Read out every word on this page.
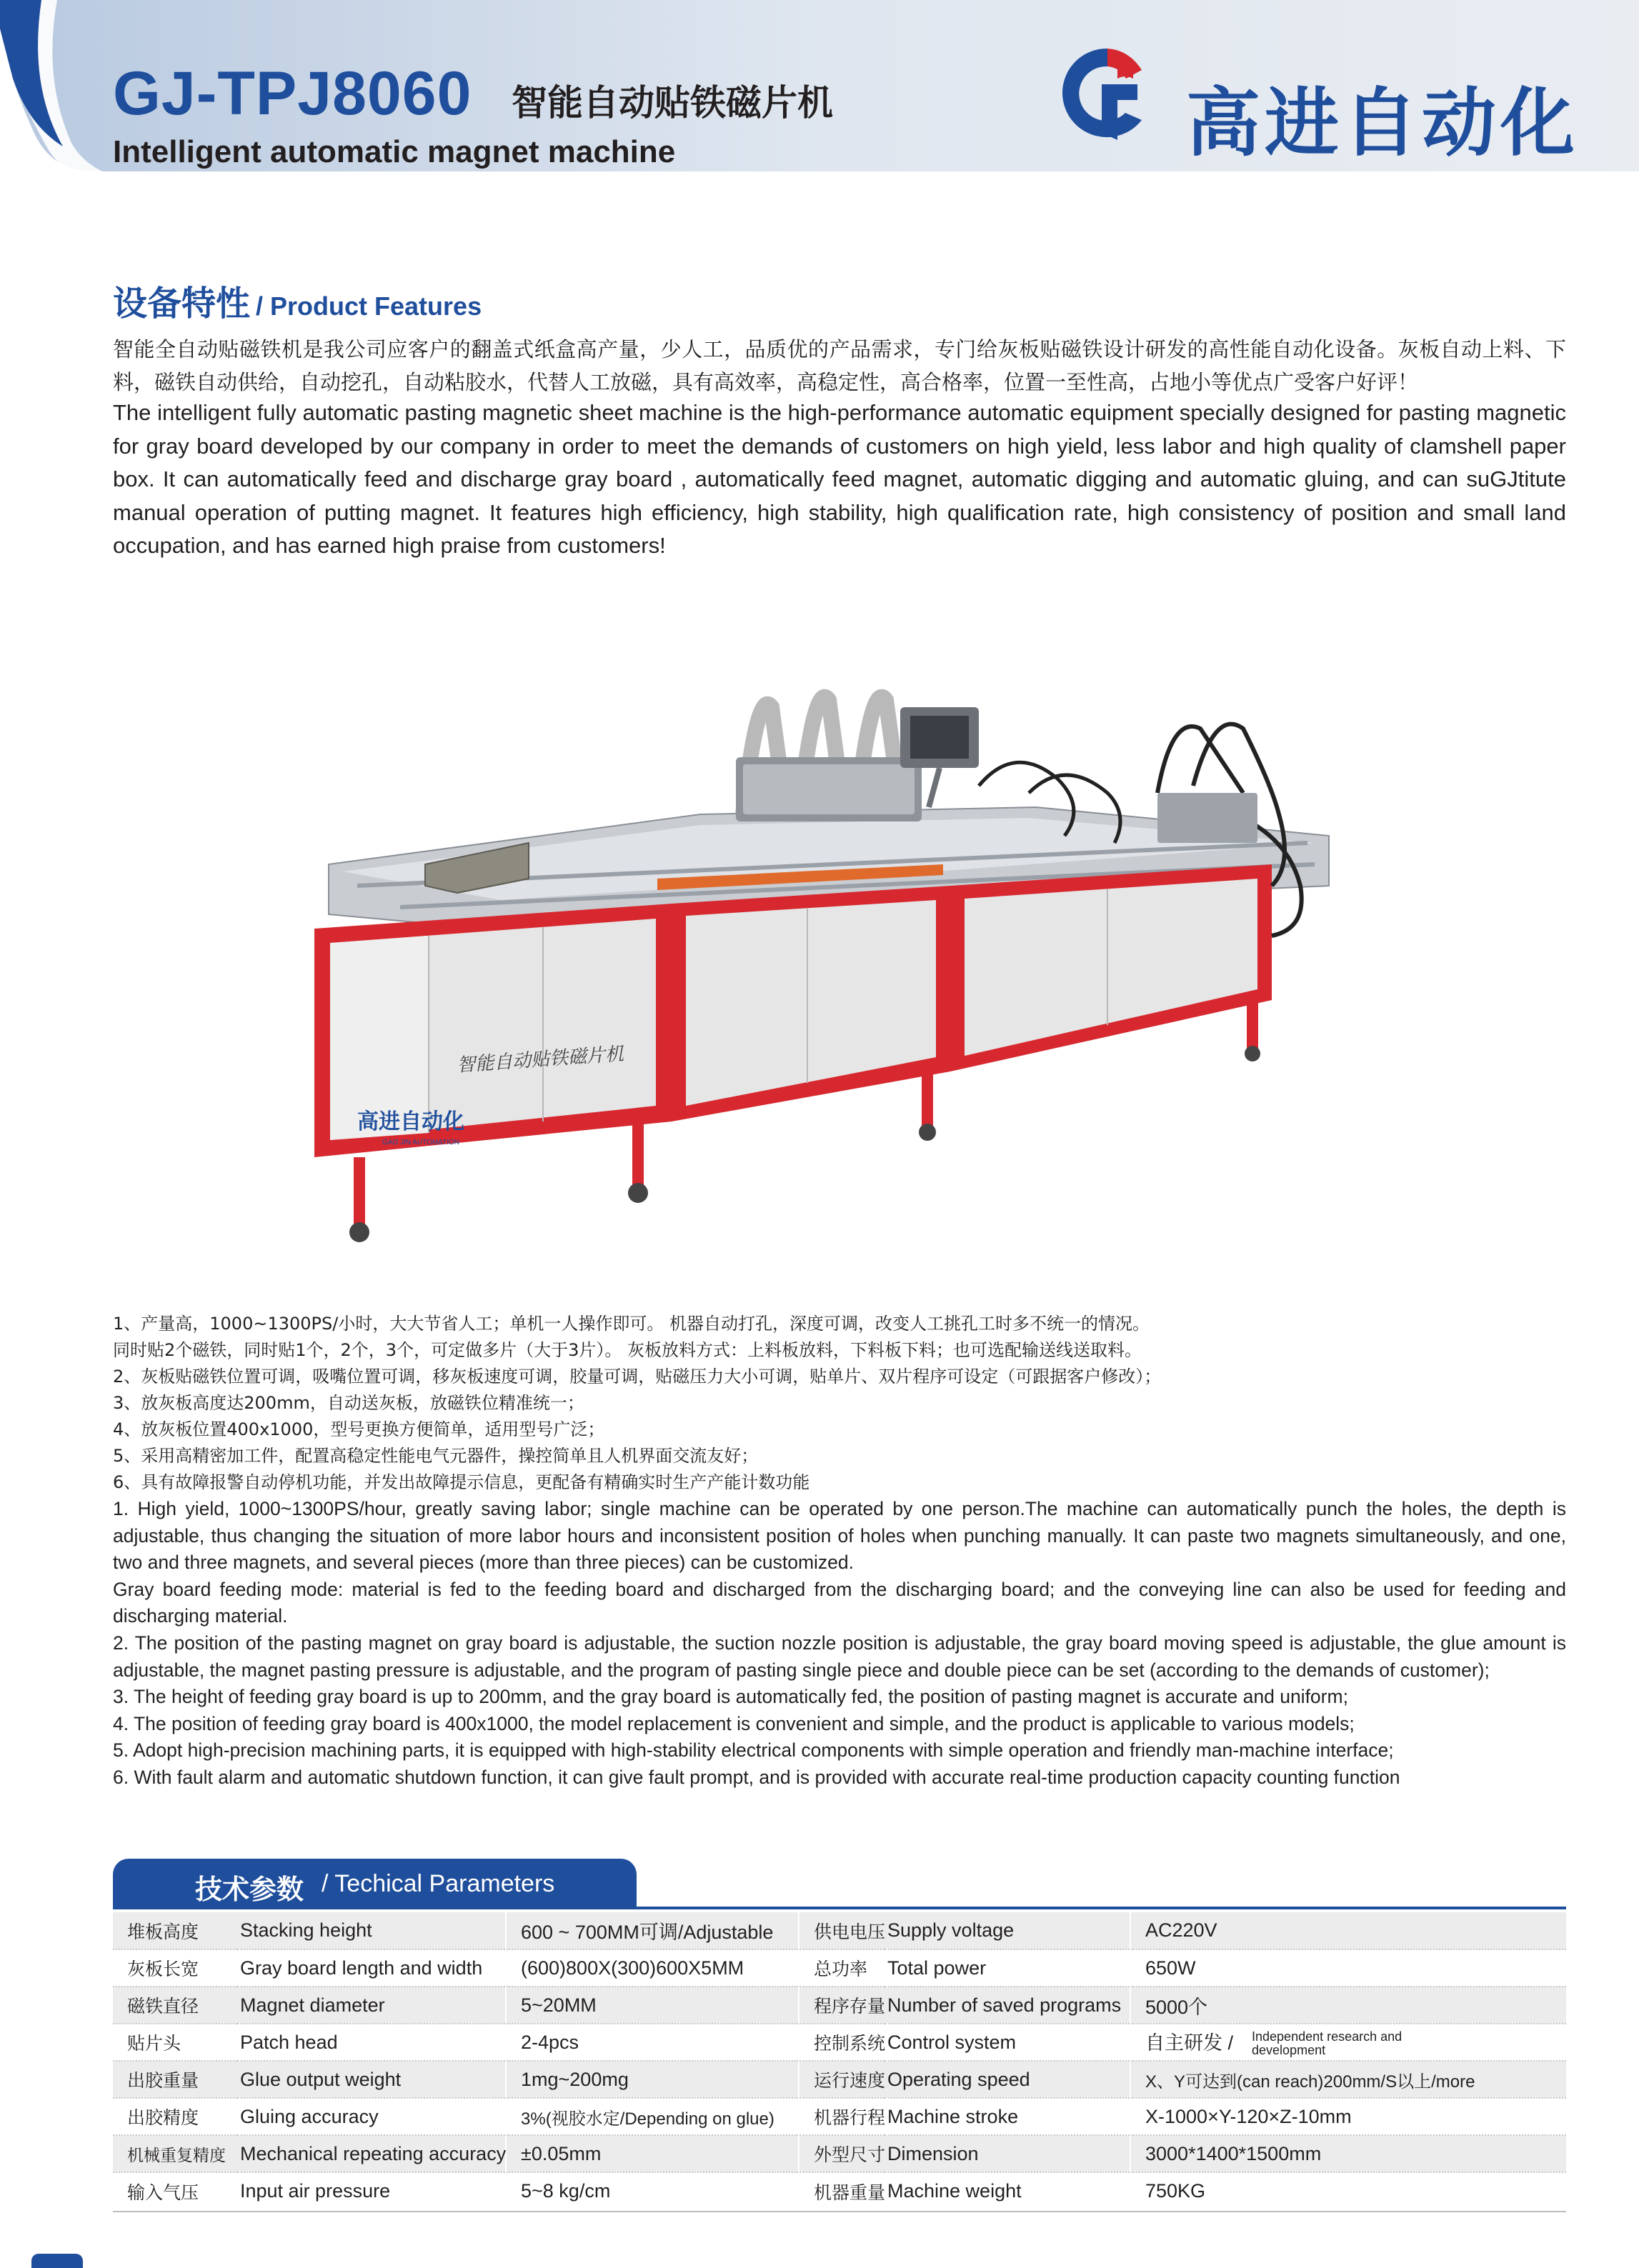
GJ-TPJ8060 智能自动贴铁磁片机
Intelligent automatic magnet machine	高进自动化
设备特性 / Product Features
智能全自动贴磁铁机是我公司应客户的翻盖式纸盒高产量，少人工，品质优的产品需求，专门给灰板贴磁铁设计研发的高性能自动化设备。灰板自动上料、下料，磁铁自动供给，自动挖孔，自动粘胶水，代替人工放磁，具有高效率，高稳定性，高合格率，位置一至性高，占地小等优点广受客户好评！
The intelligent fully automatic pasting magnetic sheet machine is the high-performance automatic equipment specially designed for pasting magnetic for gray board developed by our company in order to meet the demands of customers on high yield, less labor and high quality of clamshell paper box. It can automatically feed and discharge gray board , automatically feed magnet, automatic digging and automatic gluing, and can suGJtitute manual operation of putting magnet. It features high efficiency, high stability, high qualification rate, high consistency of position and small land occupation, and has earned high praise from customers!
高进自动化
GAO JIN AUTOMATION
智能自动贴铁磁片机
1、产量高，1000~1300PS/小时，大大节省人工；单机一人操作即可。 机器自动打孔，深度可调，改变人工挑孔工时多不统一的情况。
同时贴2个磁铁，同时贴1个，2个，3个，可定做多片（大于3片）。 灰板放料方式：上料板放料，下料板下料；也可选配输送线送取料。
2、灰板贴磁铁位置可调，吸嘴位置可调，移灰板速度可调，胶量可调，贴磁压力大小可调，贴单片、双片程序可设定（可跟据客户修改）；
3、放灰板高度达200mm，自动送灰板，放磁铁位精准统一；
4、放灰板位置400x1000，型号更换方便简单，适用型号广泛；
5、采用高精密加工件，配置高稳定性能电气元器件，操控简单且人机界面交流友好；
6、具有故障报警自动停机功能，并发出故障提示信息，更配备有精确实时生产产能计数功能
1. High yield, 1000~1300PS/hour, greatly saving labor; single machine can be operated by one person.The machine can automatically punch the holes, the depth is adjustable, thus changing the situation of more labor hours and inconsistent position of holes when punching manually. It can paste two magnets simultaneously, and one, two and three magnets, and several pieces (more than three pieces) can be customized.
Gray board feeding mode: material is fed to the feeding board and discharged from the discharging board; and the conveying line can also be used for feeding and discharging material.
2. The position of the pasting magnet on gray board is adjustable, the suction nozzle position is adjustable, the gray board moving speed is adjustable, the glue amount is adjustable, the magnet pasting pressure is adjustable, and the program of pasting single piece and double piece can be set (according to the demands of customer);
3. The height of feeding gray board is up to 200mm, and the gray board is automatically fed, the position of pasting magnet is accurate and uniform;
4. The position of feeding gray board is 400x1000, the model replacement is convenient and simple, and the product is applicable to various models;
5. Adopt high-precision machining parts, it is equipped with high-stability electrical components with simple operation and friendly man-machine interface;
6. With fault alarm and automatic shutdown function, it can give fault prompt, and is provided with accurate real-time production capacity counting function
技术参数 / Techical Parameters
堆板高度	Stacking height	600 ~ 700MM可调/Adjustable	供电电压	Supply voltage	AC220V
灰板长宽	Gray board length and width	(600)800X(300)600X5MM	总功率	Total power	650W
磁铁直径	Magnet diameter	5~20MM	程序存量	Number of saved programs	5000个
贴片头	Patch head	2-4pcs	控制系统	Control system	自主研发 / Independent research and development
出胶重量	Glue output weight	1mg~200mg	运行速度	Operating speed	X、Y可达到(can reach)200mm/S以上/more
出胶精度	Gluing accuracy	3%(视胶水定/Depending on glue)	机器行程	Machine stroke	X-1000×Y-120×Z-10mm
机械重复精度	Mechanical repeating accuracy	±0.05mm	外型尺寸	Dimension	3000*1400*1500mm
输入气压	Input air pressure	5~8 kg/cm	机器重量	Machine weight	750KG
